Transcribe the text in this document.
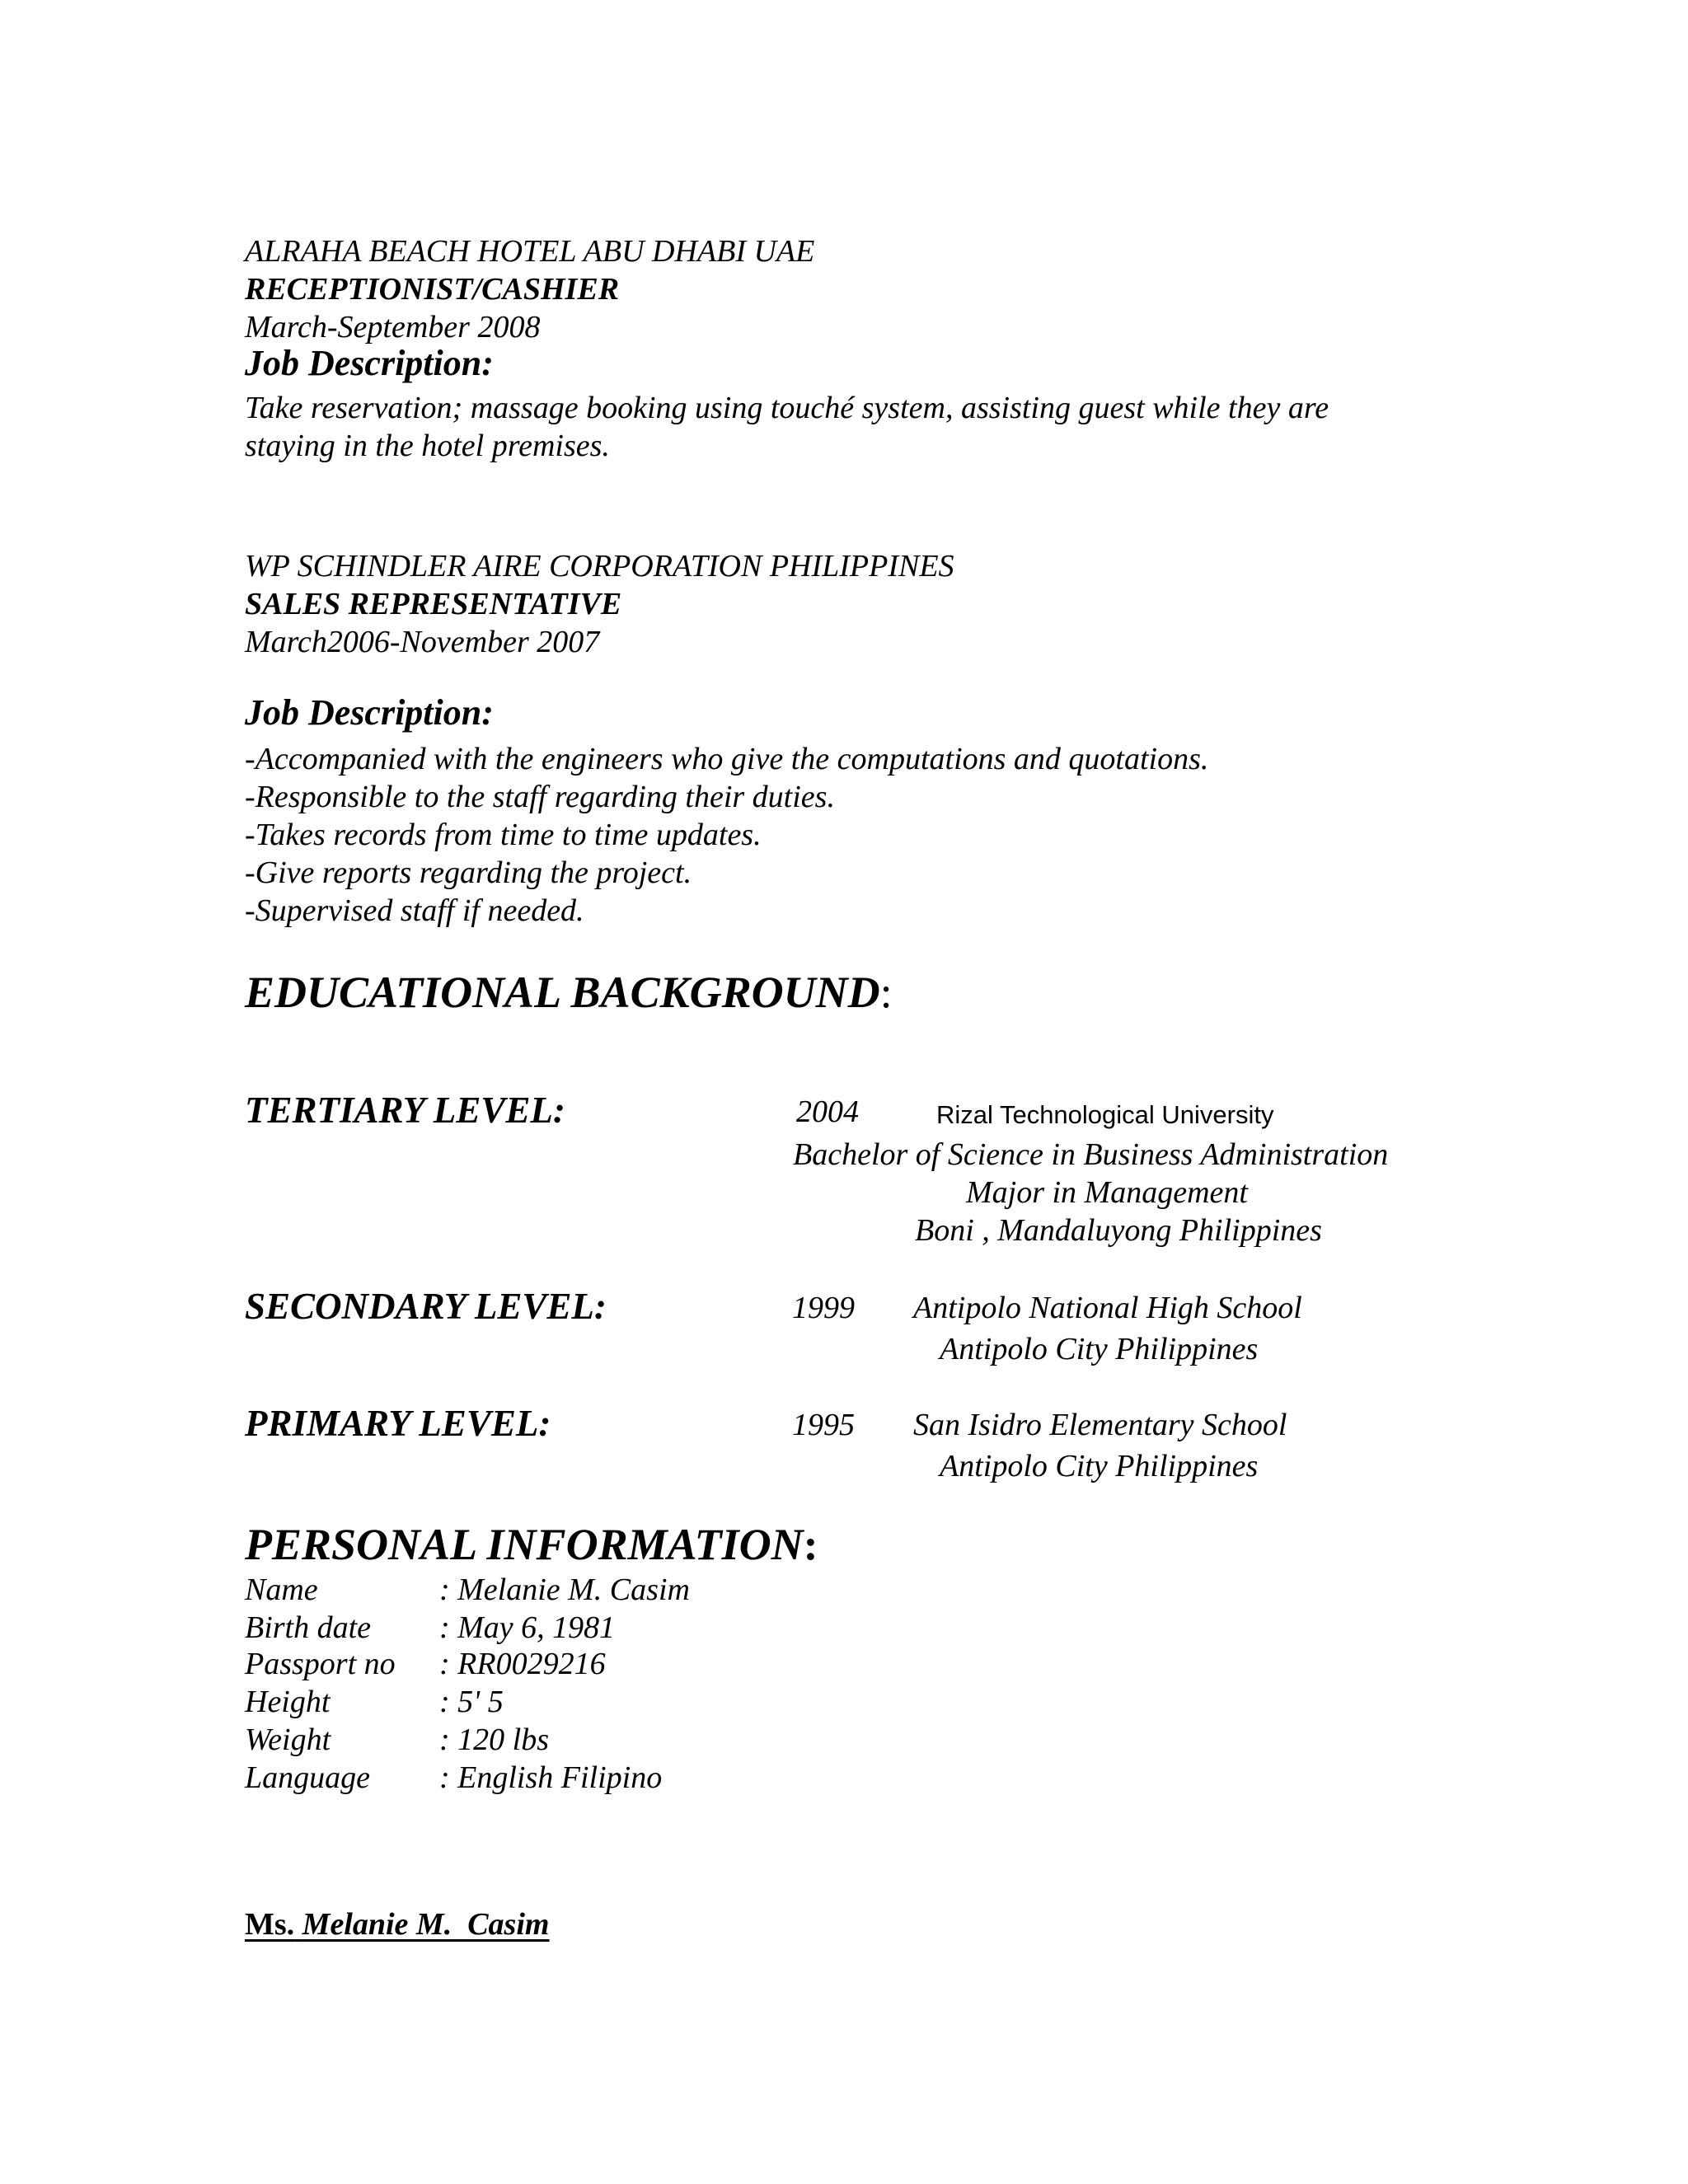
ALRAHA BEACH HOTEL ABU DHABI UAE

RECEPTIONIST/CASHIER

March-September 2008

Job Description:

Take reservation; massage booking using touché system, assisting guest while they are

staying in the hotel premises.

WP SCHINDLER AIRE CORPORATION PHILIPPINES

SALES REPRESENTATIVE

March2006-November 2007

Job Description:

-Accompanied with the engineers who give the computations and quotations.

-Responsible to the staff regarding their duties.

-Takes records from time to time updates.

-Give reports regarding the project.

-Supervised staff if needed.

EDUCATIONAL BACKGROUND:

TERTIARY LEVEL:	2004	Rizal Technological University

Bachelor of Science in Business Administration

Major in Management

Boni , Mandaluyong Philippines

SECONDARY LEVEL:	1999 Antipolo National High School

Antipolo City Philippines

PRIMARY LEVEL:	1995 San Isidro Elementary School

Antipolo City Philippines

PERSONAL INFORMATION:

Name	: Melanie M. Casim

Birth date : May 6, 1981

Passport no : RR0029216

Height	: 5' 5

Weight	: 120 lbs

Language : English Filipino

Ms. Melanie M.  Casim
